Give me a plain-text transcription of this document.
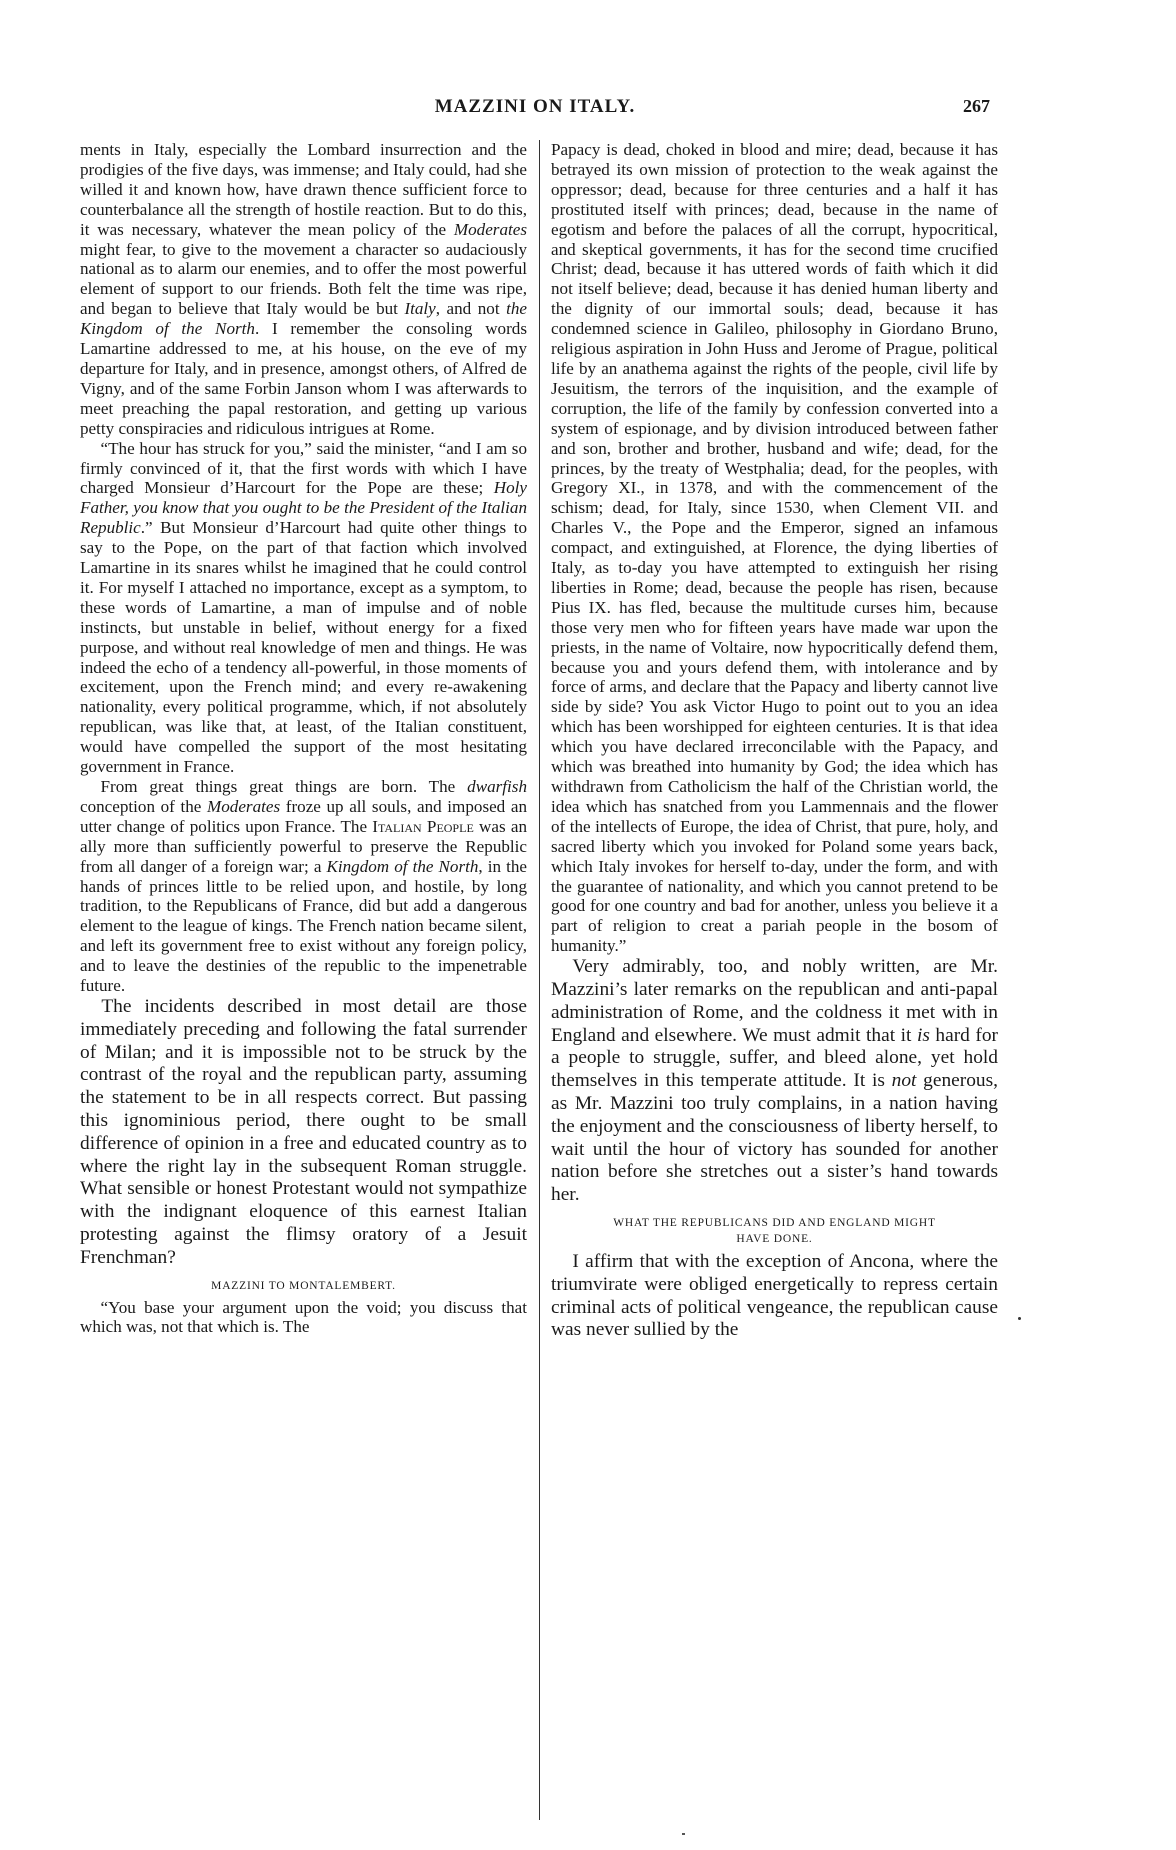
MAZZINI ON ITALY.	267

ments in Italy, especially the Lombard insurrection and the prodigies of the five days, was immense; and Italy could, had she willed it and known how, have drawn thence sufficient force to counterbalance all the strength of hostile reaction. But to do this, it was necessary, whatever the mean policy of the Moderates might fear, to give to the movement a character so audaciously national as to alarm our enemies, and to offer the most powerful element of support to our friends. Both felt the time was ripe, and began to believe that Italy would be but Italy, and not the Kingdom of the North. I remember the consoling words Lamartine addressed to me, at his house, on the eve of my departure for Italy, and in presence, amongst others, of Alfred de Vigny, and of the same Forbin Janson whom I was afterwards to meet preaching the papal restoration, and getting up various petty conspiracies and ridiculous intrigues at Rome.

“The hour has struck for you,” said the minister, “and I am so firmly convinced of it, that the first words with which I have charged Monsieur d’Harcourt for the Pope are these; Holy Father, you know that you ought to be the President of the Italian Republic.” But Monsieur d’Harcourt had quite other things to say to the Pope, on the part of that faction which involved Lamartine in its snares whilst he imagined that he could control it. For myself I attached no importance, except as a symptom, to these words of Lamartine, a man of impulse and of noble instincts, but unstable in belief, without energy for a fixed purpose, and without real knowledge of men and things. He was indeed the echo of a tendency all-powerful, in those moments of excitement, upon the French mind; and every re-awakening nationality, every political programme, which, if not absolutely republican, was like that, at least, of the Italian constituent, would have compelled the support of the most hesitating government in France.

From great things great things are born. The dwarfish conception of the Moderates froze up all souls, and imposed an utter change of politics upon France. The Italian People was an ally more than sufficiently powerful to preserve the Republic from all danger of a foreign war; a Kingdom of the North, in the hands of princes little to be relied upon, and hostile, by long tradition, to the Republicans of France, did but add a dangerous element to the league of kings. The French nation became silent, and left its government free to exist without any foreign policy, and to leave the destinies of the republic to the impenetrable future.

The incidents described in most detail are those immediately preceding and following the fatal surrender of Milan; and it is impossible not to be struck by the contrast of the royal and the republican party, assuming the statement to be in all respects correct. But passing this ignominious period, there ought to be small difference of opinion in a free and educated country as to where the right lay in the subsequent Roman struggle. What sensible or honest Protestant would not sympathize with the indignant eloquence of this earnest Italian protesting against the flimsy oratory of a Jesuit Frenchman?

MAZZINI TO MONTALEMBERT.

“You base your argument upon the void; you discuss that which was, not that which is. The

Papacy is dead, choked in blood and mire; dead, because it has betrayed its own mission of protection to the weak against the oppressor; dead, because for three centuries and a half it has prostituted itself with princes; dead, because in the name of egotism and before the palaces of all the corrupt, hypocritical, and skeptical governments, it has for the second time crucified Christ; dead, because it has uttered words of faith which it did not itself believe; dead, because it has denied human liberty and the dignity of our immortal souls; dead, because it has condemned science in Galileo, philosophy in Giordano Bruno, religious aspiration in John Huss and Jerome of Prague, political life by an anathema against the rights of the people, civil life by Jesuitism, the terrors of the inquisition, and the example of corruption, the life of the family by confession converted into a system of espionage, and by division introduced between father and son, brother and brother, husband and wife; dead, for the princes, by the treaty of Westphalia; dead, for the peoples, with Gregory XI., in 1378, and with the commencement of the schism; dead, for Italy, since 1530, when Clement VII. and Charles V., the Pope and the Emperor, signed an infamous compact, and extinguished, at Florence, the dying liberties of Italy, as to-day you have attempted to extinguish her rising liberties in Rome; dead, because the people has risen, because Pius IX. has fled, because the multitude curses him, because those very men who for fifteen years have made war upon the priests, in the name of Voltaire, now hypocritically defend them, because you and yours defend them, with intolerance and by force of arms, and declare that the Papacy and liberty cannot live side by side? You ask Victor Hugo to point out to you an idea which has been worshipped for eighteen centuries. It is that idea which you have declared irreconcilable with the Papacy, and which was breathed into humanity by God; the idea which has withdrawn from Catholicism the half of the Christian world, the idea which has snatched from you Lammennais and the flower of the intellects of Europe, the idea of Christ, that pure, holy, and sacred liberty which you invoked for Poland some years back, which Italy invokes for herself to-day, under the form, and with the guarantee of nationality, and which you cannot pretend to be good for one country and bad for another, unless you believe it a part of religion to creat a pariah people in the bosom of humanity.”

Very admirably, too, and nobly written, are Mr. Mazzini’s later remarks on the republican and anti-papal administration of Rome, and the coldness it met with in England and elsewhere. We must admit that it is hard for a people to struggle, suffer, and bleed alone, yet hold themselves in this temperate attitude. It is not generous, as Mr. Mazzini too truly complains, in a nation having the enjoyment and the consciousness of liberty herself, to wait until the hour of victory has sounded for another nation before she stretches out a sister’s hand towards her.

WHAT THE REPUBLICANS DID AND ENGLAND MIGHT
HAVE DONE.

I affirm that with the exception of Ancona, where the triumvirate were obliged energetically to repress certain criminal acts of political vengeance, the republican cause was never sullied by the
